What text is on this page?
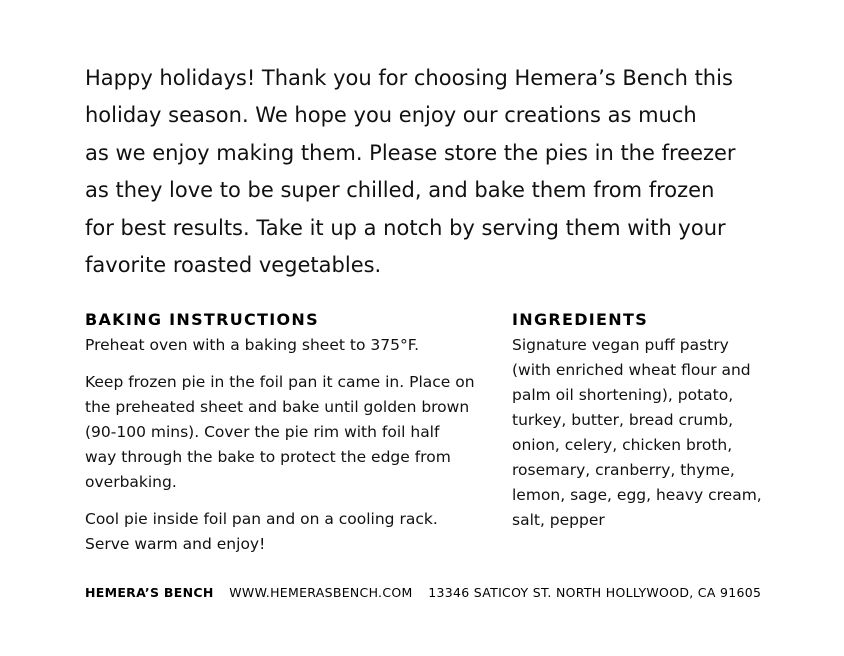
Happy holidays! Thank you for choosing Hemera’s Bench this
holiday season. We hope you enjoy our creations as much
as we enjoy making them. Please store the pies in the freezer
as they love to be super chilled, and bake them from frozen
for best results. Take it up a notch by serving them with your
favorite roasted vegetables.
BAKING INSTRUCTIONS

Preheat oven with a baking sheet to 375°F.

Keep frozen pie in the foil pan it came in. Place on
the preheated sheet and bake until golden brown
(90-100 mins). Cover the pie rim with foil half
way through the bake to protect the edge from
overbaking.

Cool pie inside foil pan and on a cooling rack.
Serve warm and enjoy!

INGREDIENTS

Signature vegan puff pastry
(with enriched wheat flour and
palm oil shortening), potato,
turkey, butter, bread crumb,
onion, celery, chicken broth,
rosemary, cranberry, thyme,
lemon, sage, egg, heavy cream,
salt, pepper

HEMERA’S BENCH WWW.HEMERASBENCH.COM 13346 SATICOY ST. NORTH HOLLYWOOD, CA 91605
